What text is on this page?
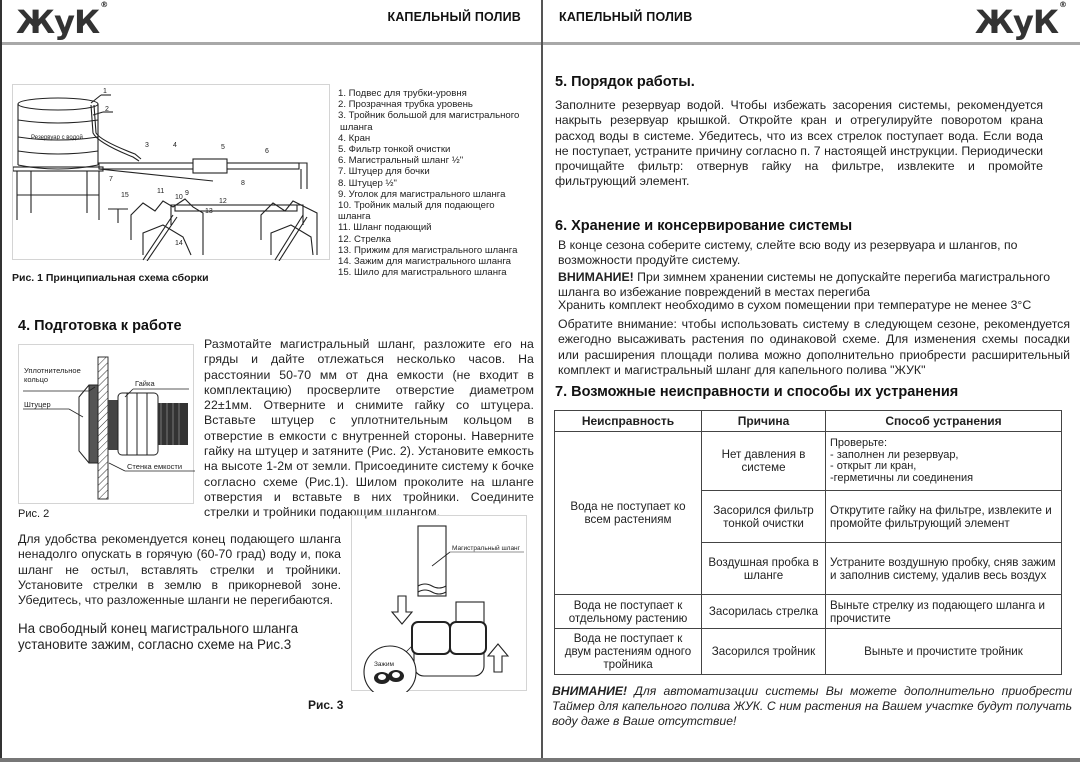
ЖуК®
КАПЕЛЬНЫЙ ПОЛИВ	КАПЕЛЬНЫЙ ПОЛИВ	ЖуК®
1
2
3	4	5
6
7
8
9
10
11
12
13
14
15
Резервуар с водой
Рис. 1 Принципиальная схема сборки
1. Подвес для трубки-уровня
2. Прозрачная трубка уровень
3. Тройник большой для магистрального
шланга
4. Кран
5. Фильтр тонкой очистки
6. Магистральный шланг ½"
7. Штуцер для бочки
8. Штуцер ½"
9. Уголок для магистрального шланга
10. Тройник малый для подающего
шланга
11. Шланг подающий
12. Стрелка
13. Прижим для магистрального шланга
14. Зажим для магистрального шланга
15. Шило для магистрального шланга
4. Подготовка к работе
Уплотнительное
кольцо
Штуцер
Гайка
Стенка емкости
Рис. 2
Размотайте магистральный шланг, разложите его на гряды и дайте отлежаться несколько часов. На расстоянии 50-70 мм от дна емкости (не входит в комплектацию) просверлите отверстие диаметром 22±1мм. Отверните и снимите гайку со штуцера. Вставьте штуцер с уплотнительным кольцом в отверстие в емкости с внутренней стороны. Наверните гайку на штуцер и затяните (Рис. 2). Установите емкость на высоте 1-2м от земли. Присоедините систему к бочке согласно схеме (Рис.1). Шилом проколите на шланге отверстия и вставьте в них тройники. Соедините стрелки и тройники подающим шлангом.
Для удобства рекомендуется конец подающего шланга ненадолго опускать в горячую (60-70 град) воду и, пока шланг не остыл, вставлять стрелки и тройники. Установите стрелки в землю в прикорневой зоне. Убедитесь, что разложенные шланги не перегибаются.
На свободный конец магистрального шланга установите зажим, согласно схеме на Рис.3
Магистральный шланг
Зажим
Рис. 3
5. Порядок работы.
Заполните резервуар водой. Чтобы избежать засорения системы, рекомендуется накрыть резервуар крышкой. Откройте кран и отрегулируйте поворотом крана расход воды в системе. Убедитесь, что из всех стрелок поступает вода. Если вода не поступает, устраните причину согласно п. 7 настоящей инструкции. Периодически прочищайте фильтр: отвернув гайку на фильтре, извлеките и промойте фильтрующий элемент.
6. Хранение и консервирование системы
В конце сезона соберите систему, слейте всю воду из резервуара и шлангов, по возможности продуйте систему.
ВНИМАНИЕ! При зимнем хранении системы не допускайте перегиба магистрального шланга во избежание повреждений в местах перегиба
Хранить комплект необходимо в сухом помещении при температуре не менее 3°С
Обратите внимание: чтобы использовать систему в следующем сезоне, рекомендуется ежегодно высаживать растения по одинаковой схеме. Для изменения схемы посадки или расширения площади полива можно дополнительно приобрести расширительный комплект и магистральный шланг для капельного полива "ЖУК"
7. Возможные неисправности и способы их устранения
Неисправность	Причина	Способ устранения
Вода не поступает ко всем растениям	Нет давления в системе	Проверьте:
- заполнен ли резервуар,
- открыт ли кран,
-герметичны ли соединения

	Засорился фильтр тонкой очистки	Открутите гайку на фильтре, извлеките и промойте фильтрующий элемент
	Воздушная пробка в шланге	Устраните воздушную пробку, сняв зажим и заполнив систему, удалив весь воздух
Вода не поступает к отдельному растению	Засорилась стрелка	Выньте стрелку из подающего шланга и прочистите
Вода не поступает к двум растениям одного тройника	Засорился тройник	Выньте и прочистите тройник
ВНИМАНИЕ! Для автоматизации системы Вы можете дополнительно приобрести Таймер для капельного полива ЖУК. С ним растения на Вашем участке будут получать воду даже в Ваше отсутствие!
